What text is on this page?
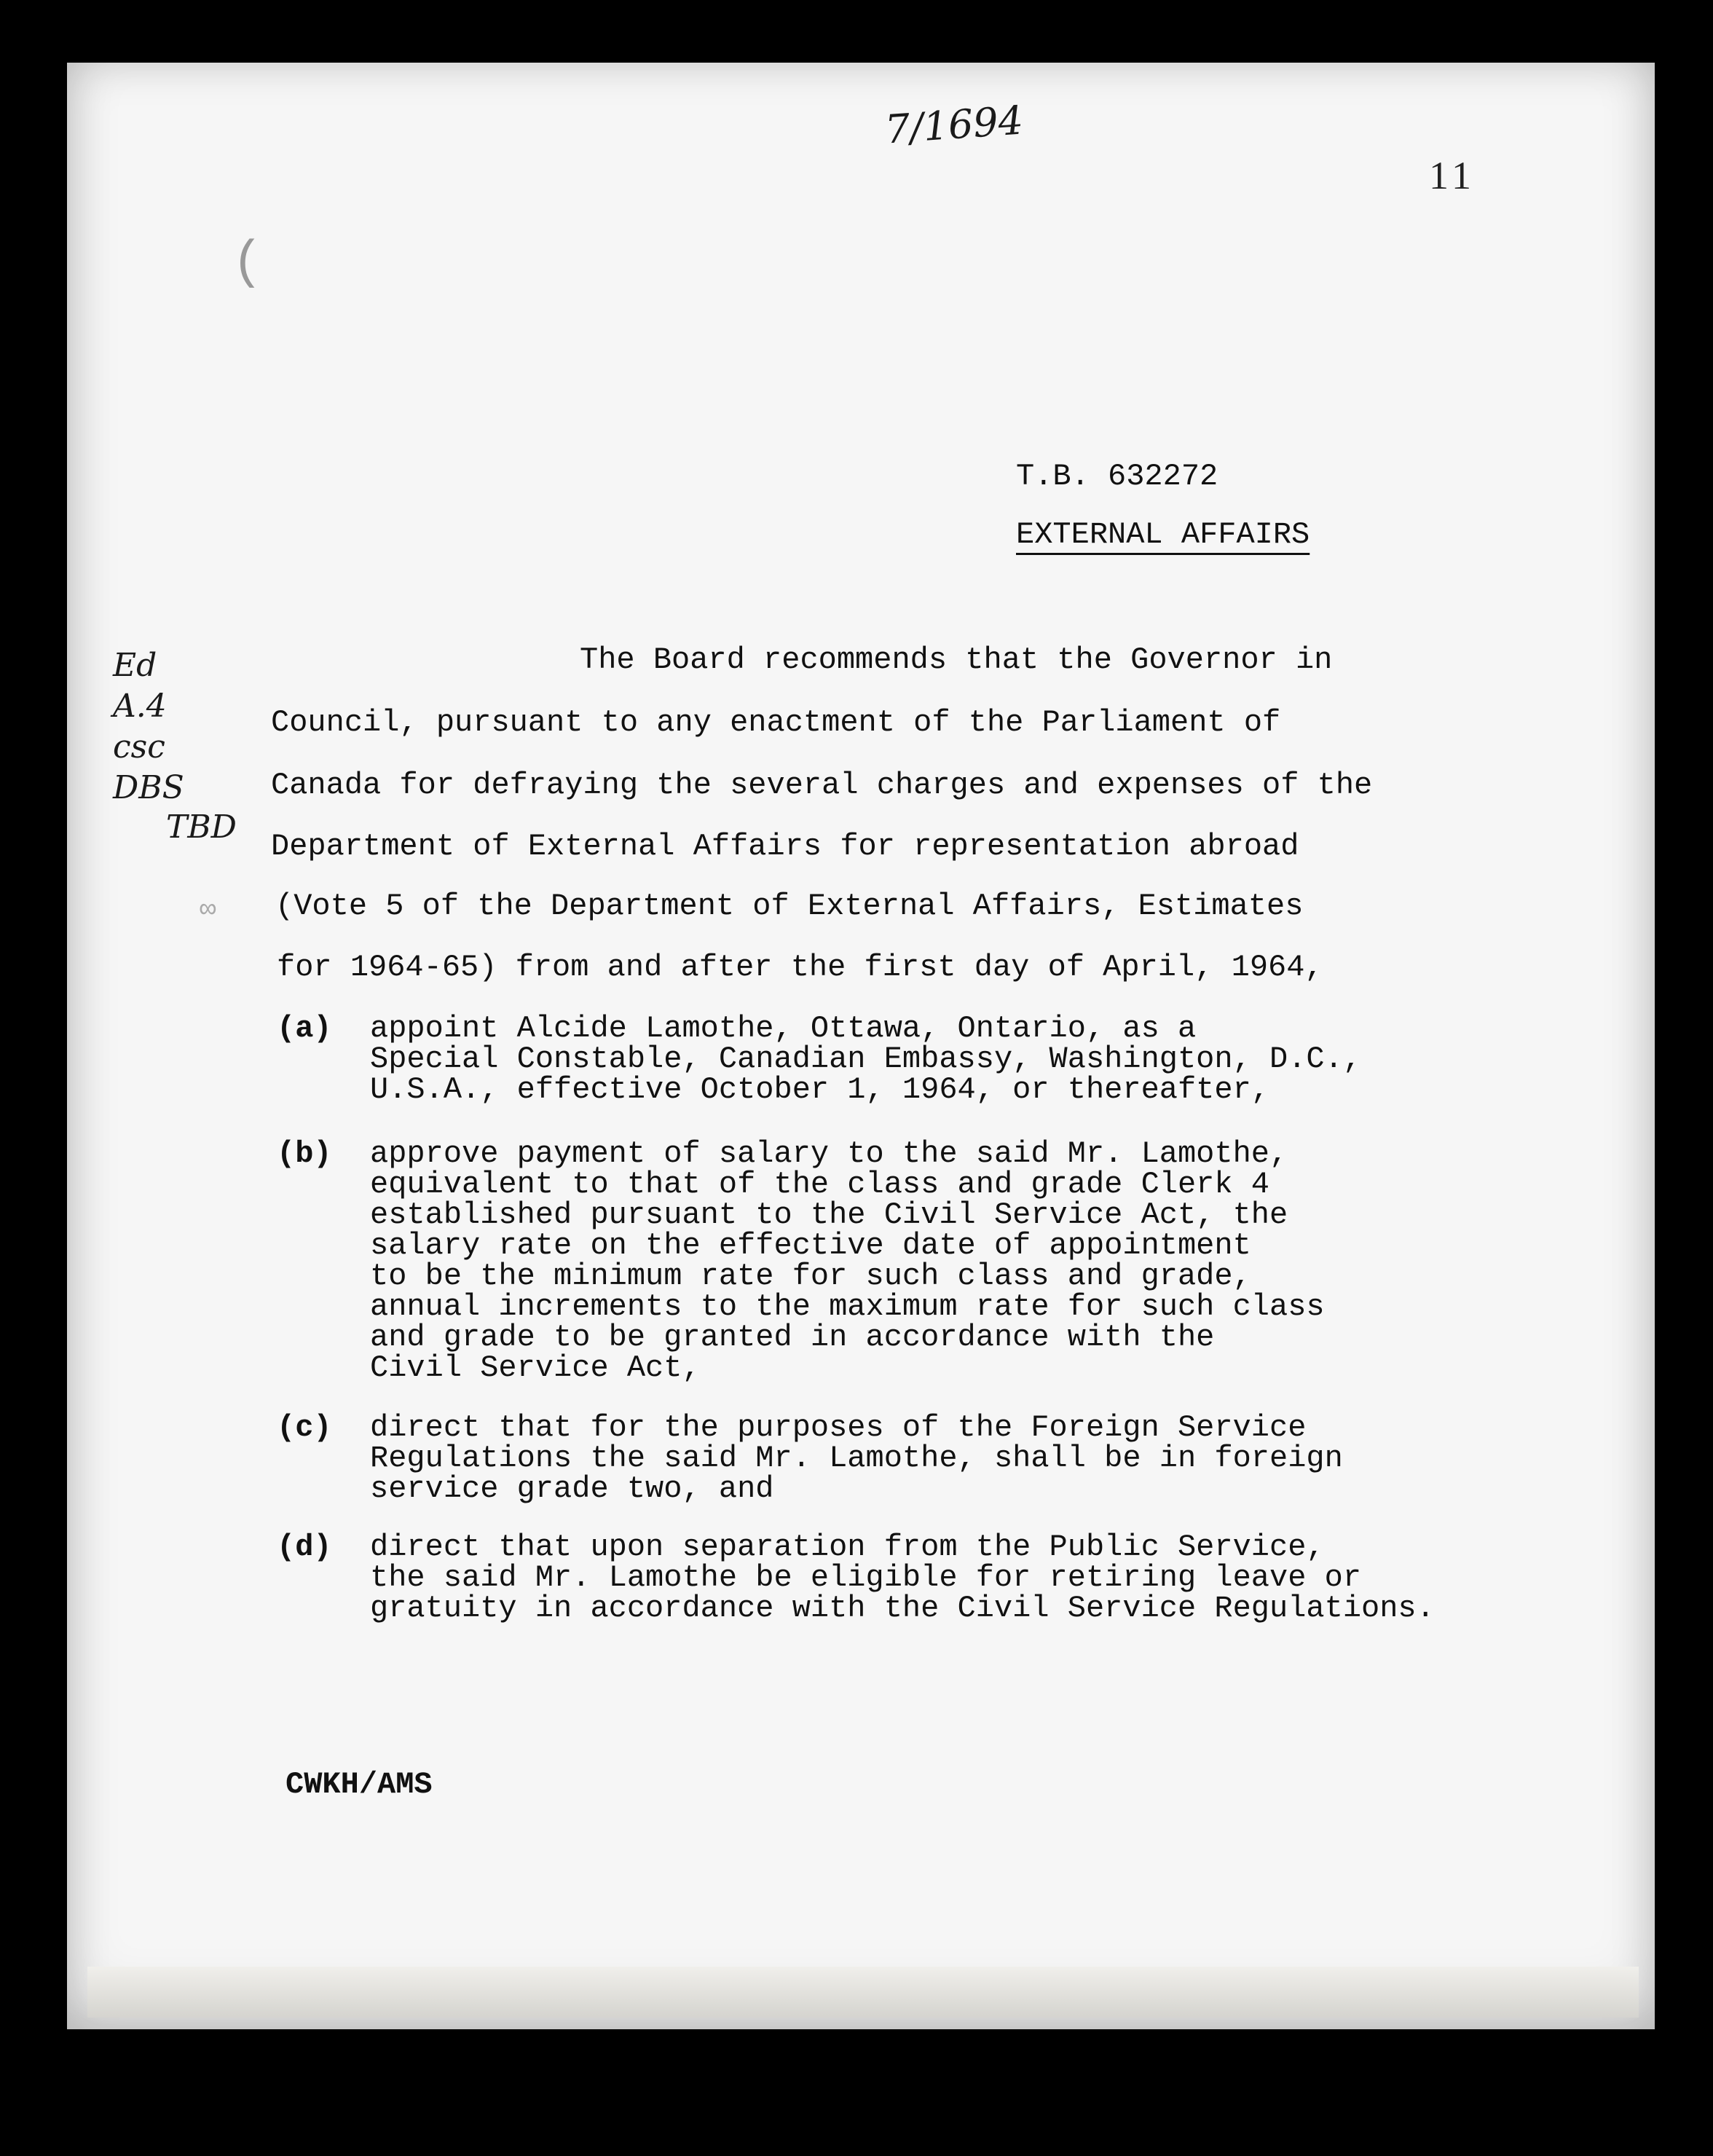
7/1694
11
(
T.B. 632272
EXTERNAL AFFAIRS
Ed
A.4
csc
DBS
TBD
∞
The Board recommends that the Governor in
Council, pursuant to any enactment of the Parliament of
Canada for defraying the several charges and expenses of the
Department of External Affairs for representation abroad
(Vote 5 of the Department of External Affairs, Estimates
for 1964-65) from and after the first day of April, 1964,
(a) appoint Alcide Lamothe, Ottawa, Ontario, as a
Special Constable, Canadian Embassy, Washington, D.C.,
U.S.A., effective October 1, 1964, or thereafter,
(b) approve payment of salary to the said Mr. Lamothe,
equivalent to that of the class and grade Clerk 4
established pursuant to the Civil Service Act, the
salary rate on the effective date of appointment
to be the minimum rate for such class and grade,
annual increments to the maximum rate for such class
and grade to be granted in accordance with the
Civil Service Act,
(c) direct that for the purposes of the Foreign Service
Regulations the said Mr. Lamothe, shall be in foreign
service grade two, and
(d) direct that upon separation from the Public Service,
the said Mr. Lamothe be eligible for retiring leave or
gratuity in accordance with the Civil Service Regulations.
CWKH/AMS
